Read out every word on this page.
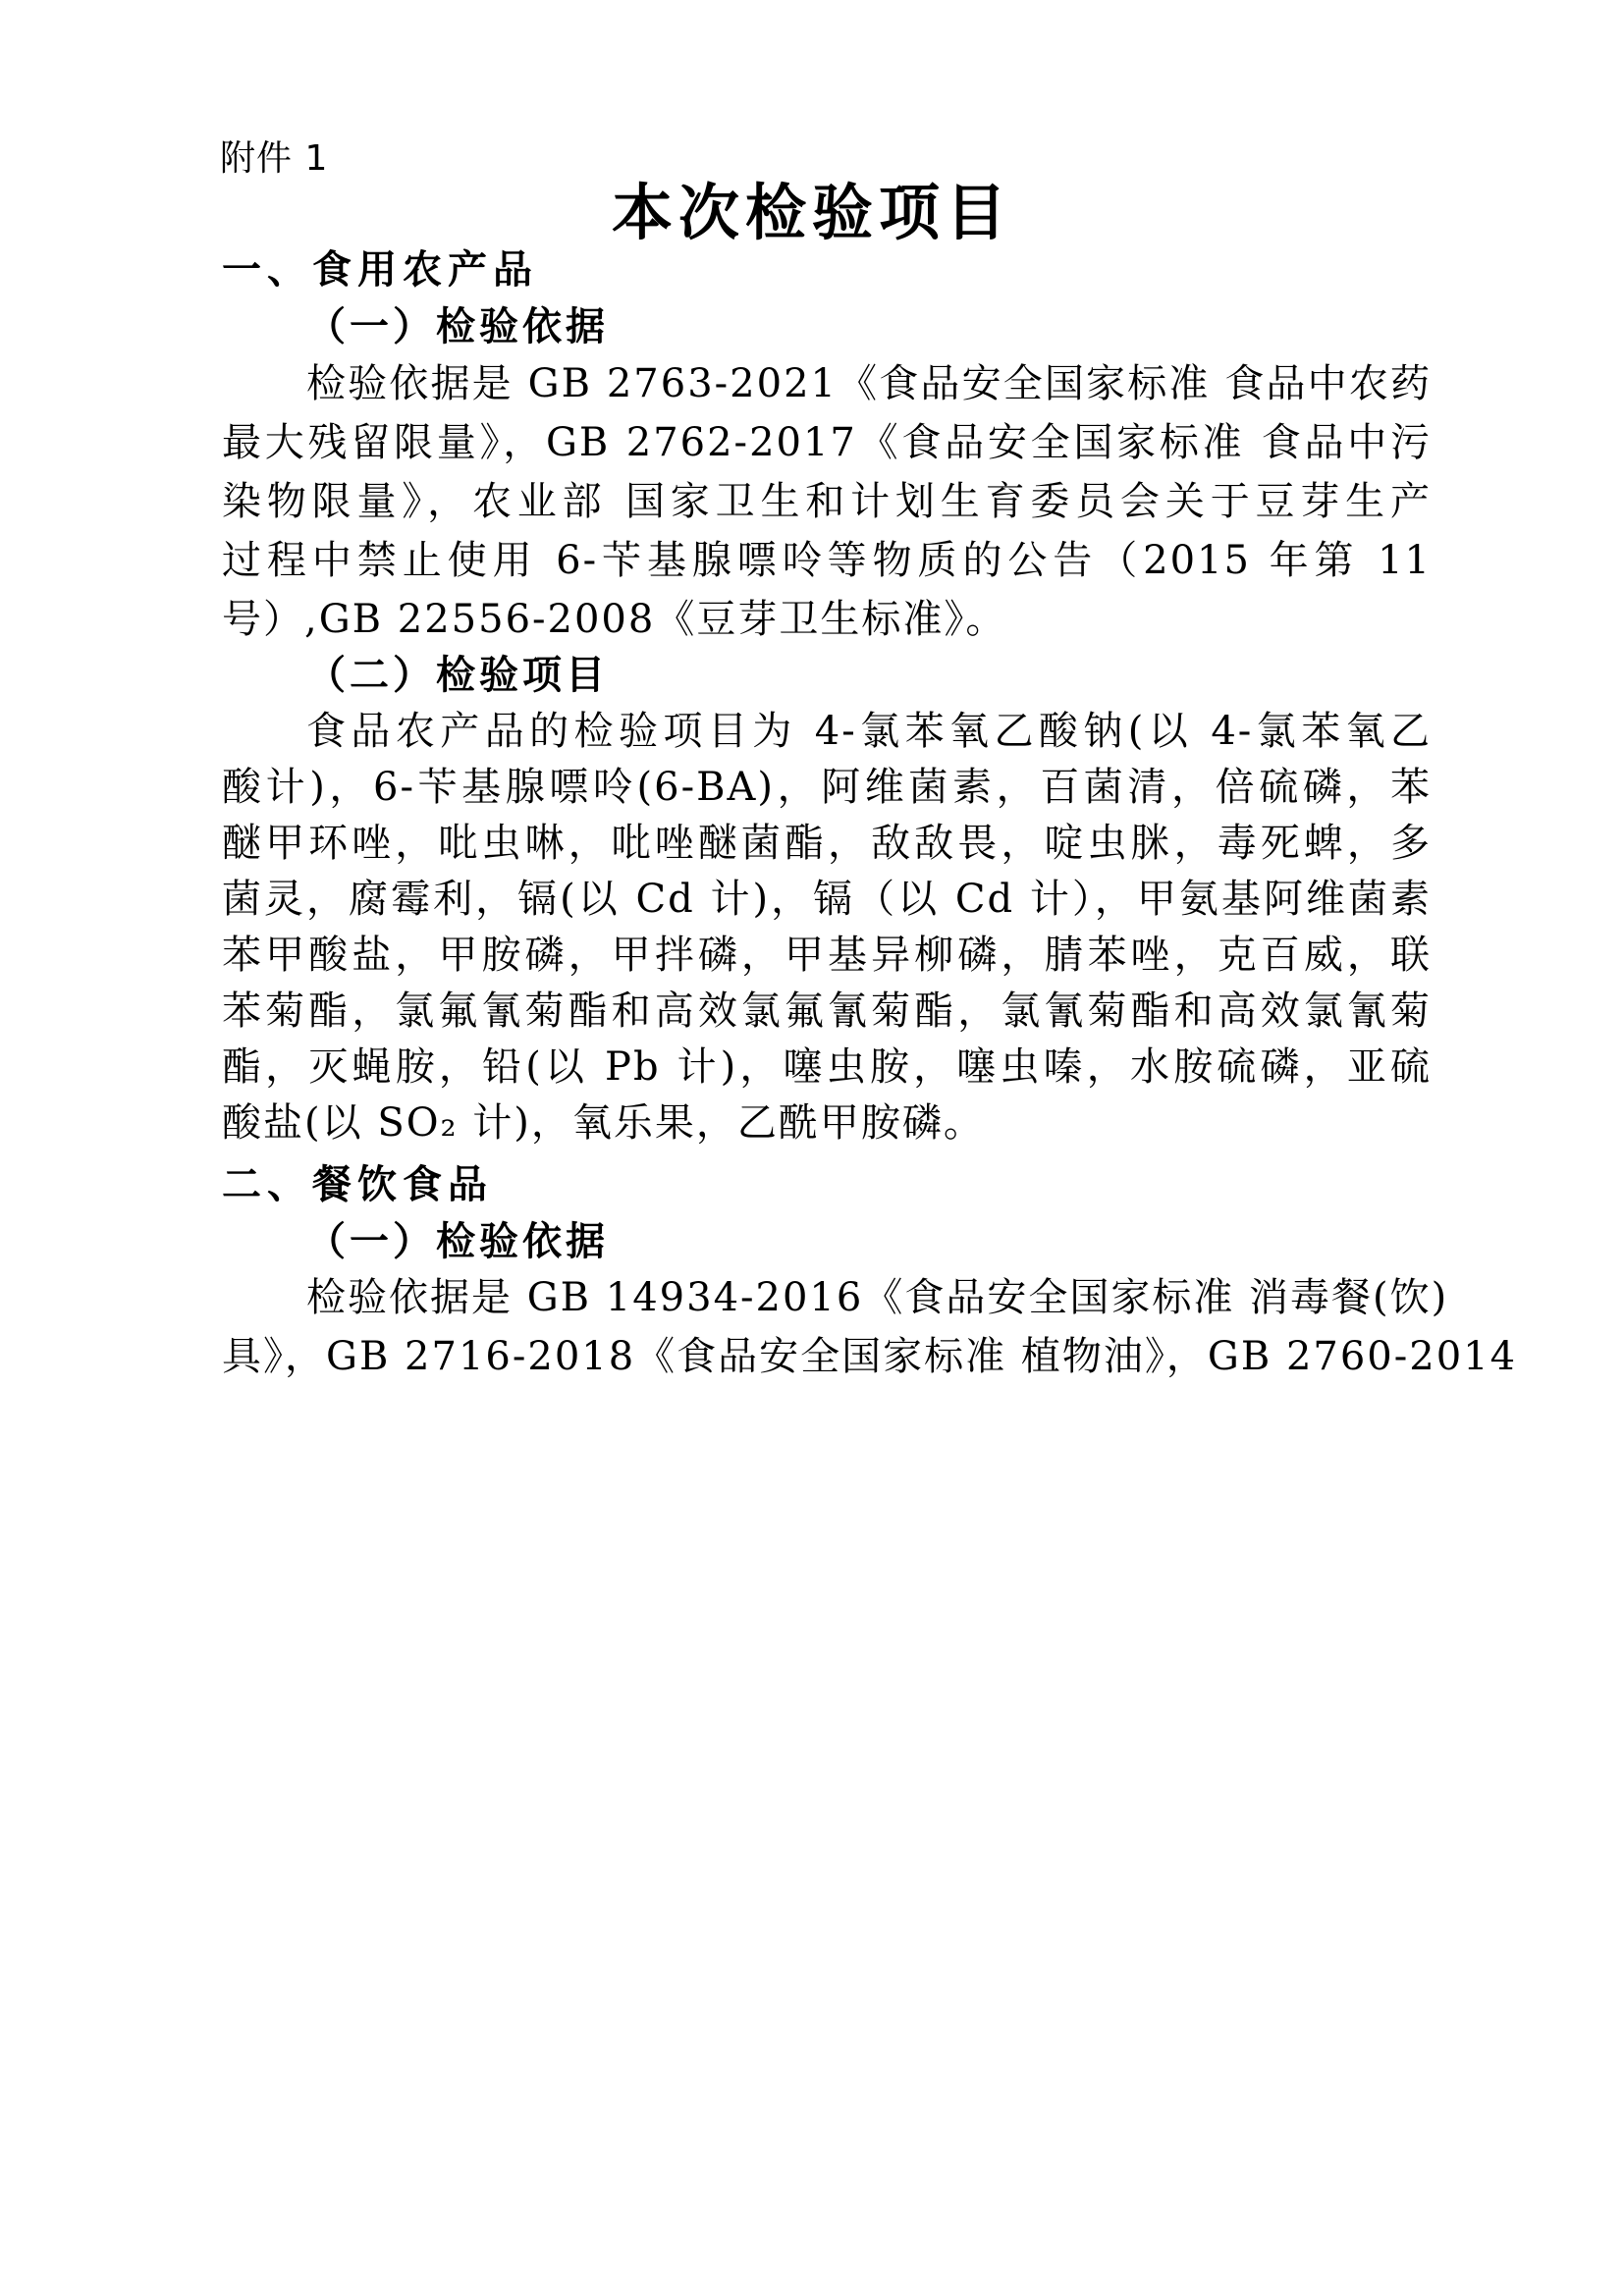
附件 1
本次检验项目
一、食用农产品
（一）检验依据
检验依据是 GB 2763-2021《食品安全国家标准 食品中农药
最大残留限量》，GB 2762-2017《食品安全国家标准 食品中污
染物限量》，农业部 国家卫生和计划生育委员会关于豆芽生产
过程中禁止使用 6-苄基腺嘌呤等物质的公告（2015 年第 11
号）,GB 22556-2008《豆芽卫生标准》。
（二）检验项目
食品农产品的检验项目为 4-氯苯氧乙酸钠(以 4-氯苯氧乙
酸计)，6-苄基腺嘌呤(6-BA)，阿维菌素，百菌清，倍硫磷，苯
醚甲环唑，吡虫啉，吡唑醚菌酯，敌敌畏，啶虫脒，毒死蜱，多
菌灵，腐霉利，镉(以 Cd 计)，镉（以 Cd 计），甲氨基阿维菌素
苯甲酸盐，甲胺磷，甲拌磷，甲基异柳磷，腈苯唑，克百威，联
苯菊酯，氯氟氰菊酯和高效氯氟氰菊酯，氯氰菊酯和高效氯氰菊
酯，灭蝇胺，铅(以 Pb 计)，噻虫胺，噻虫嗪，水胺硫磷，亚硫
酸盐(以 SO₂ 计)，氧乐果，乙酰甲胺磷。
二、餐饮食品
（一）检验依据
检验依据是 GB 14934-2016《食品安全国家标准 消毒餐(饮)
具》，GB 2716-2018《食品安全国家标准 植物油》，GB 2760-2014
